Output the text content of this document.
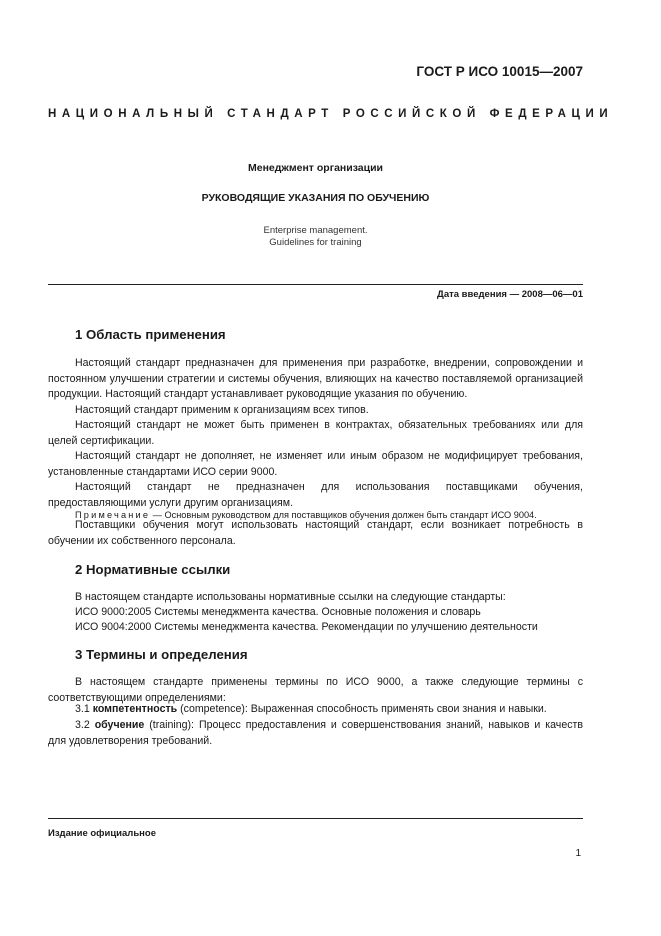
ГОСТ Р ИСО 10015—2007
НАЦИОНАЛЬНЫЙ СТАНДАРТ РОССИЙСКОЙ ФЕДЕРАЦИИ
Менеджмент организации
РУКОВОДЯЩИЕ УКАЗАНИЯ ПО ОБУЧЕНИЮ
Enterprise management.
Guidelines for training
Дата введения — 2008—06—01
1 Область применения
Настоящий стандарт предназначен для применения при разработке, внедрении, сопровождении и постоянном улучшении стратегии и системы обучения, влияющих на качество поставляемой организацией продукции. Настоящий стандарт устанавливает руководящие указания по обучению.
Настоящий стандарт применим к организациям всех типов.
Настоящий стандарт не может быть применен в контрактах, обязательных требованиях или для целей сертификации.
Настоящий стандарт не дополняет, не изменяет или иным образом не модифицирует требования, установленные стандартами ИСО серии 9000.
Настоящий стандарт не предназначен для использования поставщиками обучения, предоставляющими услуги другим организациям.
Примечание — Основным руководством для поставщиков обучения должен быть стандарт ИСО 9004.
Поставщики обучения могут использовать настоящий стандарт, если возникает потребность в обучении их собственного персонала.
2 Нормативные ссылки
В настоящем стандарте использованы нормативные ссылки на следующие стандарты:
ИСО 9000:2005 Системы менеджмента качества. Основные положения и словарь
ИСО 9004:2000 Системы менеджмента качества. Рекомендации по улучшению деятельности
3 Термины и определения
В настоящем стандарте применены термины по ИСО 9000, а также следующие термины с соответствующими определениями:
3.1 компетентность (competence): Выраженная способность применять свои знания и навыки.
3.2 обучение (training): Процесс предоставления и совершенствования знаний, навыков и качеств для удовлетворения требований.
Издание официальное
1
